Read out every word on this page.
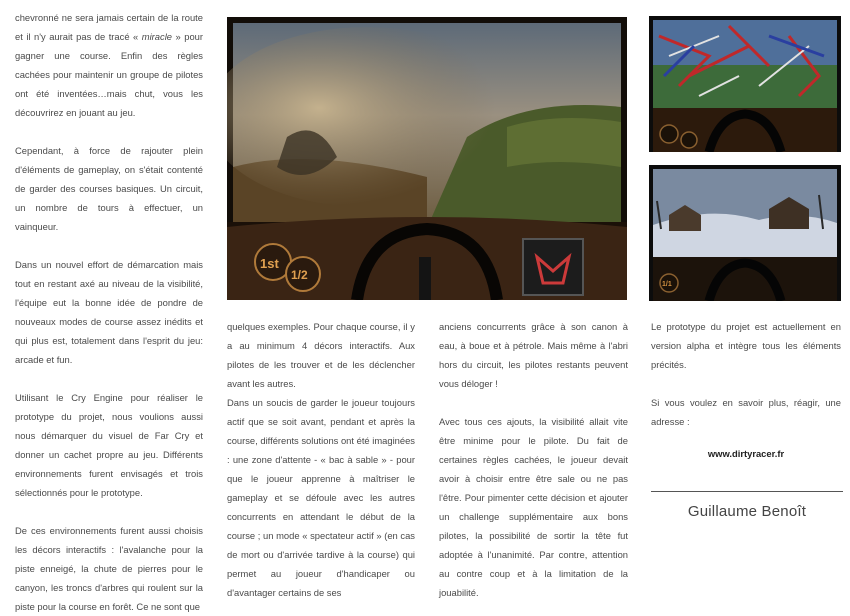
chevronné ne sera jamais certain de la route et il n'y aurait pas de tracé « miracle » pour gagner une course. Enfin des règles cachées pour maintenir un groupe de pilotes ont été inventées…mais chut, vous les découvrirez en jouant au jeu.

Cependant, à force de rajouter plein d'éléments de gameplay, on s'était contenté de garder des courses basiques. Un circuit, un nombre de tours à effectuer, un vainqueur.

Dans un nouvel effort de démarcation mais tout en restant axé au niveau de la visibilité, l'équipe eut la bonne idée de pondre de nouveaux modes de course assez inédits et qui plus est, totalement dans l'esprit du jeu: arcade et fun.

Utilisant le Cry Engine pour réaliser le prototype du projet, nous voulions aussi nous démarquer du visuel de Far Cry et donner un cachet propre au jeu. Différents environnements furent envisagés et trois sélectionnés pour le prototype.

De ces environnements furent aussi choisis les décors interactifs : l'avalanche pour la piste enneigé, la chute de pierres pour le canyon, les troncs d'arbres qui roulent sur la piste pour la course en forêt. Ce ne sont que

1st
1/2
1/1

quelques exemples. Pour chaque course, il y a au minimum 4 décors interactifs. Aux pilotes de les trouver et de les déclencher avant les autres.

Dans un soucis de garder le joueur toujours actif que se soit avant, pendant et après la course, différents solutions ont été imaginées : une zone d'attente - « bac à sable » - pour que le joueur apprenne à maîtriser le gameplay et se défoule avec les autres concurrents en attendant le début de la course ; un mode « spectateur actif » (en cas de mort ou d'arrivée tardive à la course) qui permet au joueur d'handicaper ou d'avantager certains de ses

anciens concurrents grâce à son canon à eau, à boue et à pétrole. Mais même à l'abri hors du circuit, les pilotes restants peuvent vous déloger !

Avec tous ces ajouts, la visibilité allait vite être minime pour le pilote. Du fait de certaines règles cachées, le joueur devait avoir à choisir entre être sale ou ne pas l'être. Pour pimenter cette décision et ajouter un challenge supplémentaire aux bons pilotes, la possibilité de sortir la tête fut adoptée à l'unanimité. Par contre, attention au contre coup et à la limitation de la jouabilité.

Le prototype du projet est actuellement en version alpha et intègre tous les éléments précités.

Si vous voulez en savoir plus, réagir, une adresse :

www.dirtyracer.fr
Guillaume Benoît
